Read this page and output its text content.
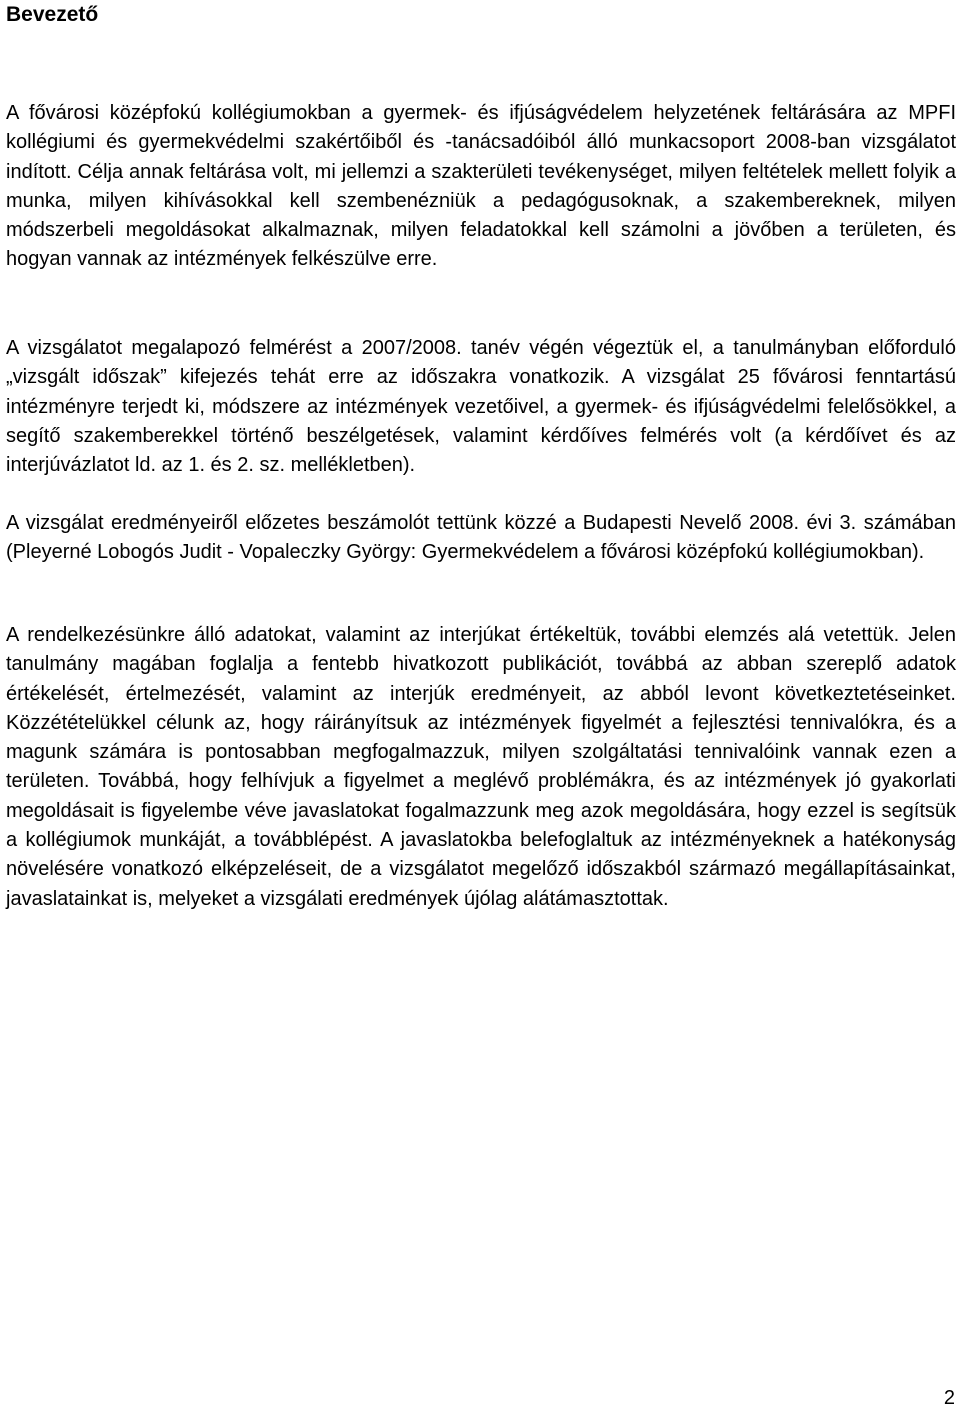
Bevezető

A fővárosi középfokú kollégiumokban a gyermek- és ifjúságvédelem helyzetének feltárására az MPFI kollégiumi és gyermekvédelmi szakértőiből és -tanácsadóiból álló munkacsoport 2008-ban vizsgálatot indított. Célja annak feltárása volt, mi jellemzi a szakterületi tevékenységet, milyen feltételek mellett folyik a munka, milyen kihívásokkal kell szembenézniük a pedagógusoknak, a szakembereknek, milyen módszerbeli megoldásokat alkalmaznak, milyen feladatokkal kell számolni a jövőben a területen, és hogyan vannak az intézmények felkészülve erre.

A vizsgálatot megalapozó felmérést a 2007/2008. tanév végén végeztük el, a tanulmányban előforduló „vizsgált időszak” kifejezés tehát erre az időszakra vonatkozik. A vizsgálat 25 fővárosi fenntartású intézményre terjedt ki, módszere az intézmények vezetőivel, a gyermek- és ifjúságvédelmi felelősökkel, a segítő szakemberekkel történő beszélgetések, valamint kérdőíves felmérés volt (a kérdőívet és az interjúvázlatot ld. az 1. és 2. sz. mellékletben).

A vizsgálat eredményeiről előzetes beszámolót tettünk közzé a Budapesti Nevelő 2008. évi 3. számában (Pleyerné Lobogós Judit - Vopaleczky György: Gyermekvédelem a fővárosi középfokú kollégiumokban).

A rendelkezésünkre álló adatokat, valamint az interjúkat értékeltük, további elemzés alá vetettük. Jelen tanulmány magában foglalja a fentebb hivatkozott publikációt, továbbá az abban szereplő adatok értékelését, értelmezését, valamint az interjúk eredményeit, az abból levont következtetéseinket. Közzétételükkel célunk az, hogy ráirányítsuk az intézmények figyelmét a fejlesztési tennivalókra, és a magunk számára is pontosabban megfogalmazzuk, milyen szolgáltatási tennivalóink vannak ezen a területen. Továbbá, hogy felhívjuk a figyelmet a meglévő problémákra, és az intézmények jó gyakorlati megoldásait is figyelembe véve javaslatokat fogalmazzunk meg azok megoldására, hogy ezzel is segítsük a kollégiumok munkáját, a továbblépést. A javaslatokba belefoglaltuk az intézményeknek a hatékonyság növelésére vonatkozó elképzeléseit, de a vizsgálatot megelőző időszakból származó megállapításainkat, javaslatainkat is, melyeket a vizsgálati eredmények újólag alátámasztottak.

2
